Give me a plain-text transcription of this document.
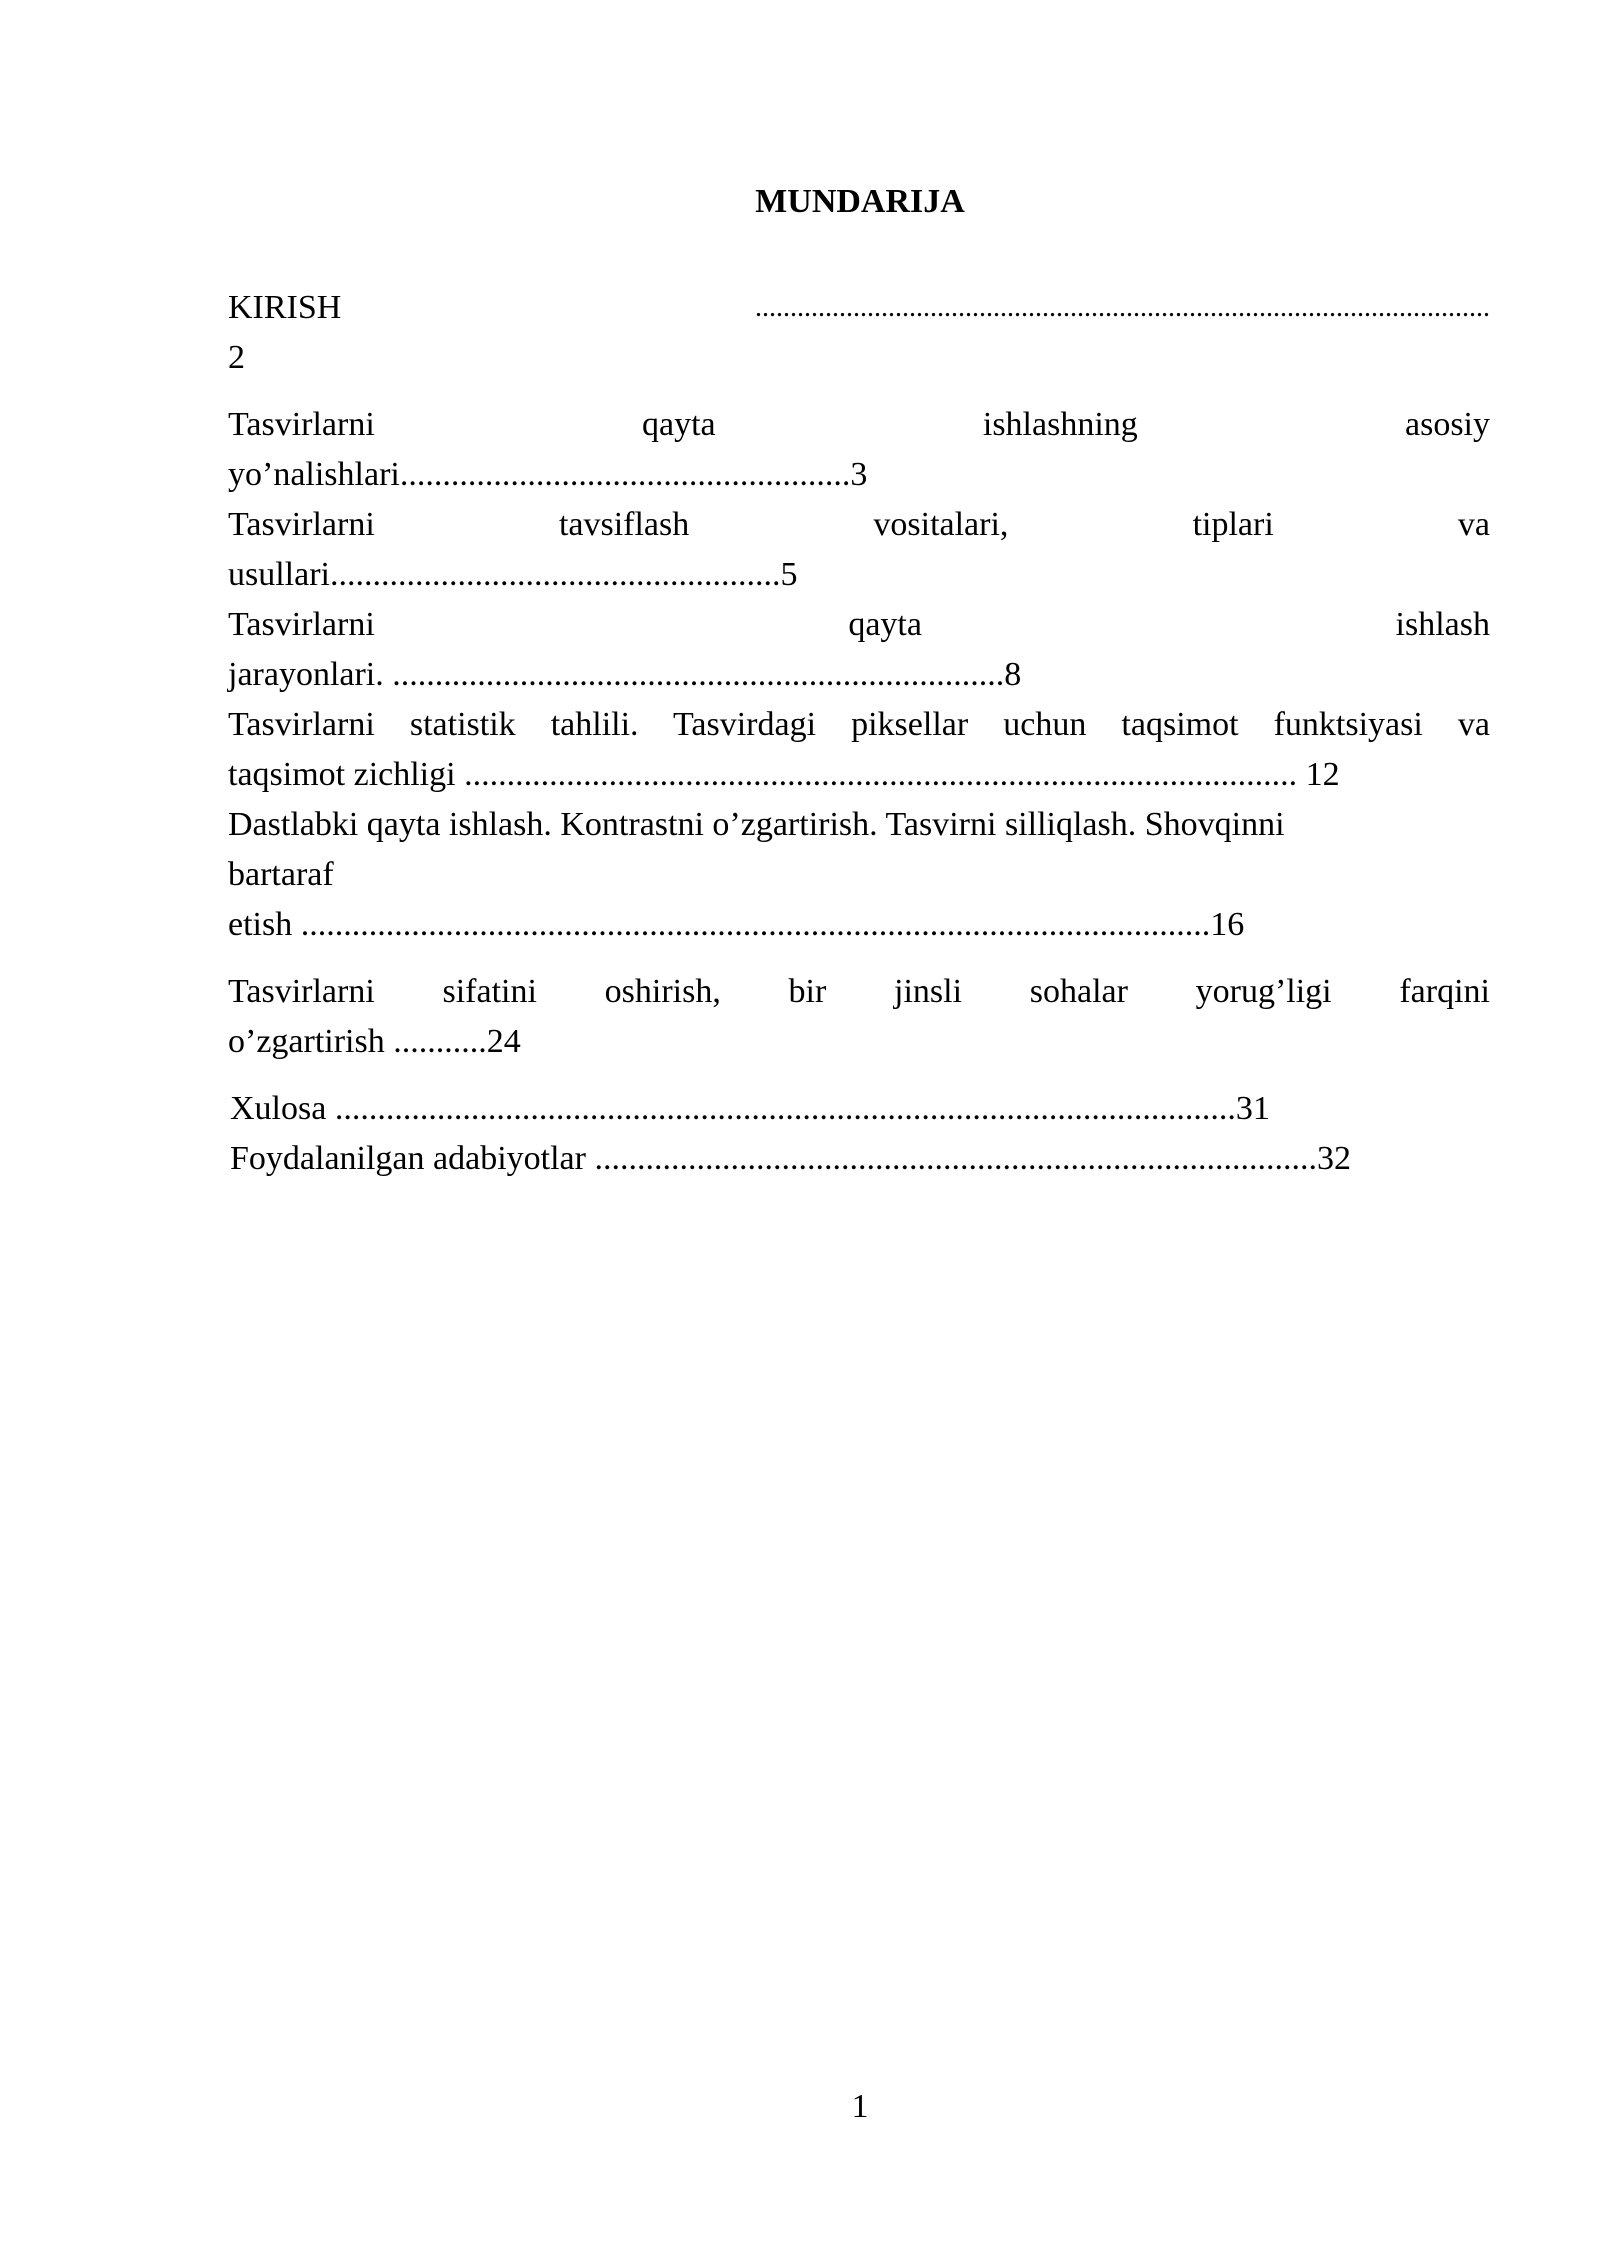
MUNDARIJA
KIRISH	.........................................................................................................
2
Tasvirlarni	qayta	ishlashning	asosiy
yo’nalishlari.....................................................3
Tasvirlarni	tavsiflash	vositalari,	tiplari	va
usullari.....................................................5
Tasvirlarni	qayta	ishlash
jarayonlari. ........................................................................8
Tasvirlarni statistik tahlili. Tasvirdagi piksellar uchun taqsimot funktsiyasi va
taqsimot zichligi .................................................................................................. 12
Dastlabki qayta ishlash. Kontrastni o’zgartirish. Tasvirni silliqlash. Shovqinni
bartaraf
etish ...........................................................................................................16
Tasvirlarni sifatini oshirish, bir jinsli sohalar yorug’ligi farqini
o’zgartirish ...........24
Xulosa ..........................................................................................................31
Foydalanilgan adabiyotlar .....................................................................................32
1
